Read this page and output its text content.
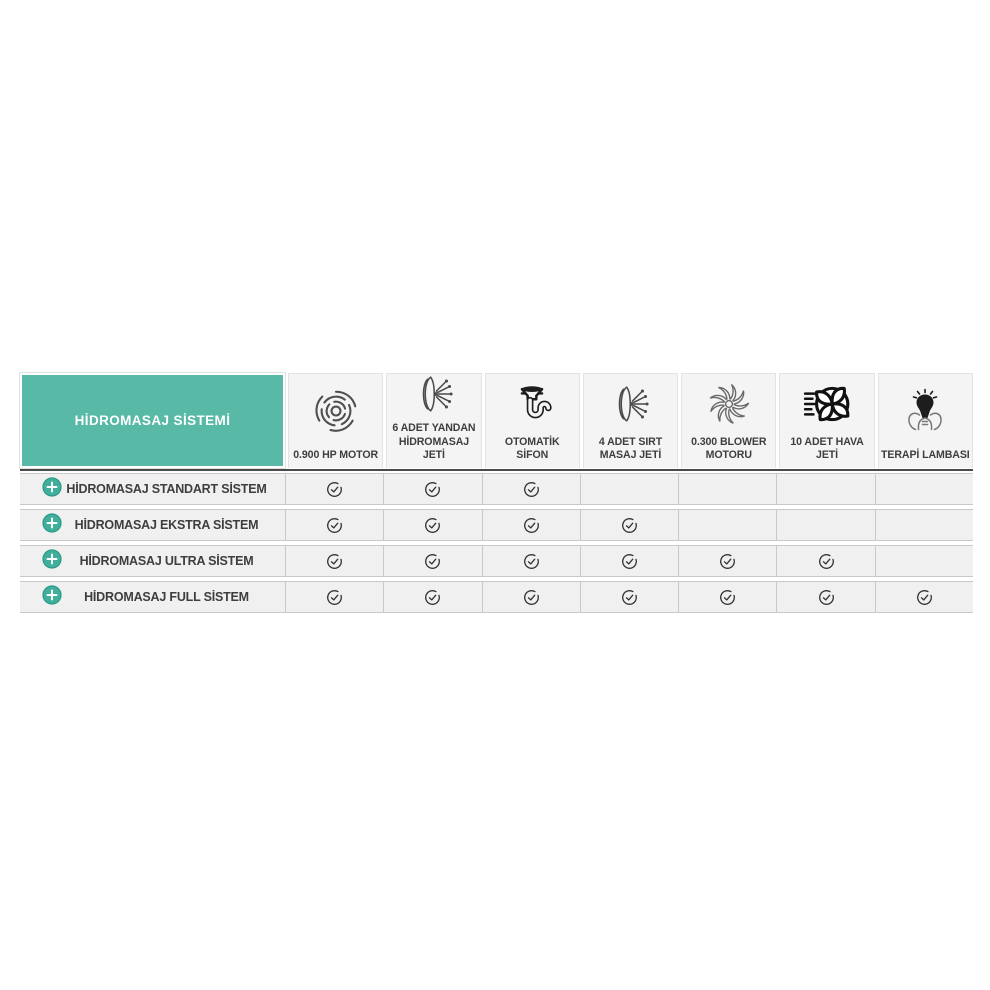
HİDROMASAJ SİSTEMİ
0.900 HP MOTOR
6 ADET YANDAN HİDROMASAJ JETİ
OTOMATİK SİFON
4 ADET SIRT MASAJ JETİ
0.300 BLOWER MOTORU
10 ADET HAVA JETİ	TERAPİ LAMBASI
HİDROMASAJ STANDART SİSTEM
HİDROMASAJ EKSTRA SİSTEM
HİDROMASAJ ULTRA SİSTEM
HİDROMASAJ FULL SİSTEM
